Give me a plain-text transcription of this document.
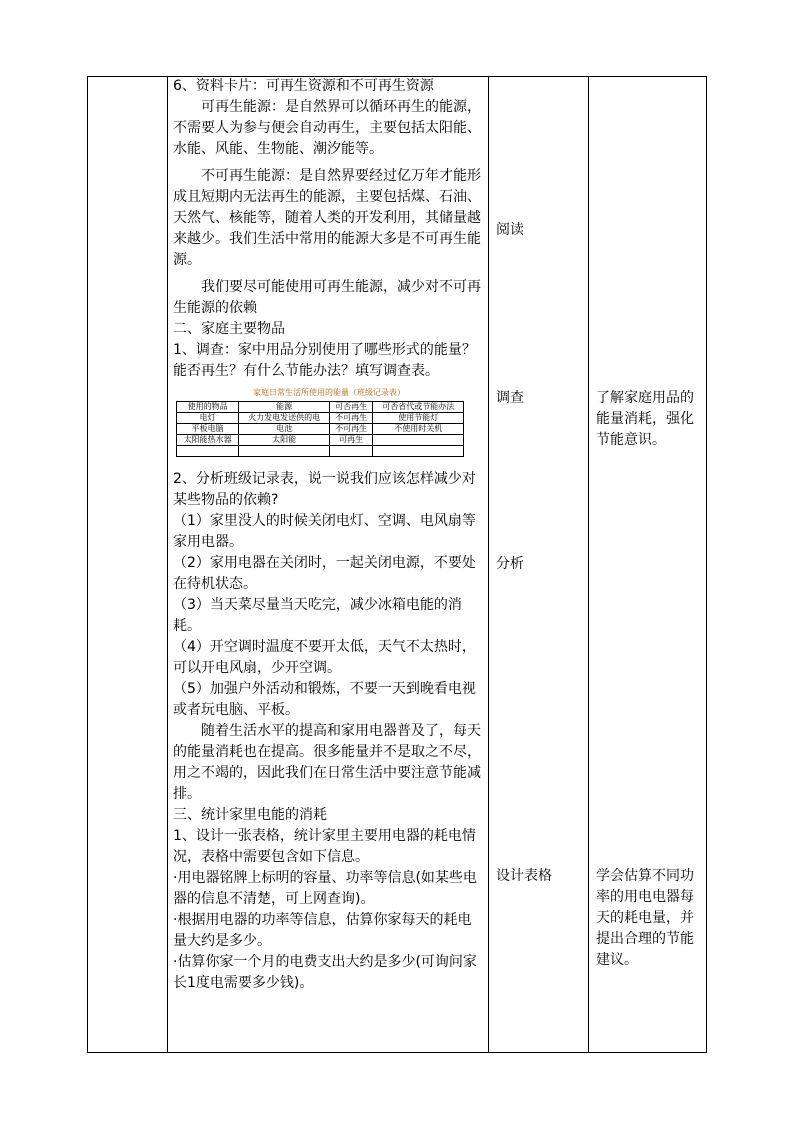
6、资料卡片：可再生资源和不可再生资源

可再生能源：是自然界可以循环再生的能源，不需要人为参与便会自动再生，主要包括太阳能、水能、风能、生物能、潮汐能等。

不可再生能源：是自然界要经过亿万年才能形成且短期内无法再生的能源，主要包括煤、石油、天然气、核能等，随着人类的开发利用，其储量越来越少。我们生活中常用的能源大多是不可再生能源。

我们要尽可能使用可再生能源，减少对不可再生能源的依赖

二、家庭主要物品

1、调查：家中用品分别使用了哪些形式的能量？能否再生？有什么节能办法？填写调查表。

家庭日常生活所使用的能量（班级记录表）
使用的物品	能源	可否再生	可否省代或节能办法
电灯	火力发电发送供的电	不可再生	使用节能灯
平板电脑	电池	不可再生	不使用时关机
太阳能热水器	太阳能	可再生	

2、分析班级记录表，说一说我们应该怎样减少对某些物品的依赖?

（1）家里没人的时候关闭电灯、空调、电风扇等家用电器。

（2）家用电器在关闭时，一起关闭电源，不要处在待机状态。

（3）当天菜尽量当天吃完，减少冰箱电能的消耗。

（4）开空调时温度不要开太低，天气不太热时，可以开电风扇，少开空调。

（5）加强户外活动和锻炼，不要一天到晚看电视或者玩电脑、平板。

随着生活水平的提高和家用电器普及了，每天的能量消耗也在提高。很多能量并不是取之不尽，用之不竭的，因此我们在日常生活中要注意节能减排。

三、统计家里电能的消耗

1、设计一张表格，统计家里主要用电器的耗电情况，表格中需要包含如下信息。

·用电器铭牌上标明的容量、功率等信息(如某些电器的信息不清楚，可上网查询)。

·根据用电器的功率等信息，估算你家每天的耗电量大约是多少。

·估算你家一个月的电费支出大约是多少(可询问家长1度电需要多少钱)。

阅读
调查
分析
设计表格
了解家庭用品的能量消耗，强化节能意识。
学会估算不同功率的用电电器每天的耗电量，并提出合理的节能建议。
